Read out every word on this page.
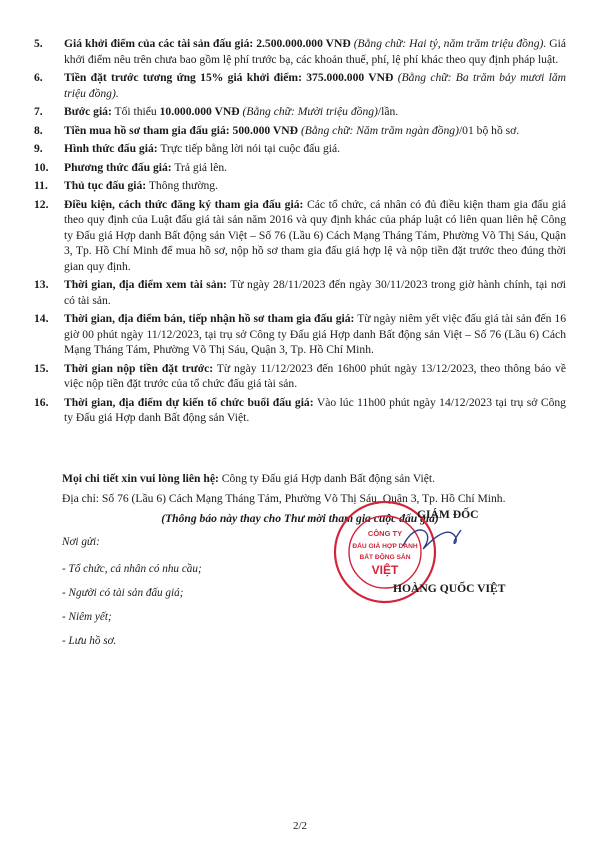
5. Giá khởi điểm của các tài sản đấu giá: 2.500.000.000 VNĐ (Bằng chữ: Hai tỷ, năm trăm triệu đồng). Giá khởi điểm nêu trên chưa bao gồm lệ phí trước bạ, các khoản thuế, phí, lệ phí khác theo quy định pháp luật.
6. Tiền đặt trước tương ứng 15% giá khởi điểm: 375.000.000 VNĐ (Bằng chữ: Ba trăm bảy mươi lăm triệu đồng).
7. Bước giá: Tối thiểu 10.000.000 VNĐ (Bằng chữ: Mười triệu đồng)/lần.
8. Tiền mua hồ sơ tham gia đấu giá: 500.000 VNĐ (Bằng chữ: Năm trăm ngàn đồng)/01 bộ hồ sơ.
9. Hình thức đấu giá: Trực tiếp bằng lời nói tại cuộc đấu giá.
10. Phương thức đấu giá: Trả giá lên.
11. Thủ tục đấu giá: Thông thường.
12. Điều kiện, cách thức đăng ký tham gia đấu giá: Các tổ chức, cá nhân có đủ điều kiện tham gia đấu giá theo quy định của Luật đấu giá tài sản năm 2016 và quy định khác của pháp luật có liên quan liên hệ Công ty Đấu giá Hợp danh Bất động sản Việt – Số 76 (Lầu 6) Cách Mạng Tháng Tám, Phường Võ Thị Sáu, Quận 3, Tp. Hồ Chí Minh để mua hồ sơ, nộp hồ sơ tham gia đấu giá hợp lệ và nộp tiền đặt trước theo đúng thời gian quy định.
13. Thời gian, địa điểm xem tài sản: Từ ngày 28/11/2023 đến ngày 30/11/2023 trong giờ hành chính, tại nơi có tài sản.
14. Thời gian, địa điểm bán, tiếp nhận hồ sơ tham gia đấu giá: Từ ngày niêm yết việc đấu giá tài sản đến 16 giờ 00 phút ngày 11/12/2023, tại trụ sở Công ty Đấu giá Hợp danh Bất động sản Việt – Số 76 (Lầu 6) Cách Mạng Tháng Tám, Phường Võ Thị Sáu, Quận 3, Tp. Hồ Chí Minh.
15. Thời gian nộp tiền đặt trước: Từ ngày 11/12/2023 đến 16h00 phút ngày 13/12/2023, theo thông báo về việc nộp tiền đặt trước của tổ chức đấu giá tài sản.
16. Thời gian, địa điểm dự kiến tổ chức buổi đấu giá: Vào lúc 11h00 phút ngày 14/12/2023 tại trụ sở Công ty Đấu giá Hợp danh Bất động sản Việt.
Mọi chi tiết xin vui lòng liên hệ: Công ty Đấu giá Hợp danh Bất động sản Việt.
Địa chỉ: Số 76 (Lầu 6) Cách Mạng Tháng Tám, Phường Võ Thị Sáu, Quận 3, Tp. Hồ Chí Minh.
(Thông báo này thay cho Thư mời tham gia cuộc đấu giá)
Nơi gửi:
- Tổ chức, cá nhân có nhu cầu;
- Người có tài sản đấu giá;
- Niêm yết;
- Lưu hồ sơ.
CÔNG TY
ĐẤU GIÁ HỢP DANH
BẤT ĐỘNG SẢN
VIỆT
GIÁM ĐỐC
HOÀNG QUỐC VIỆT
2/2
